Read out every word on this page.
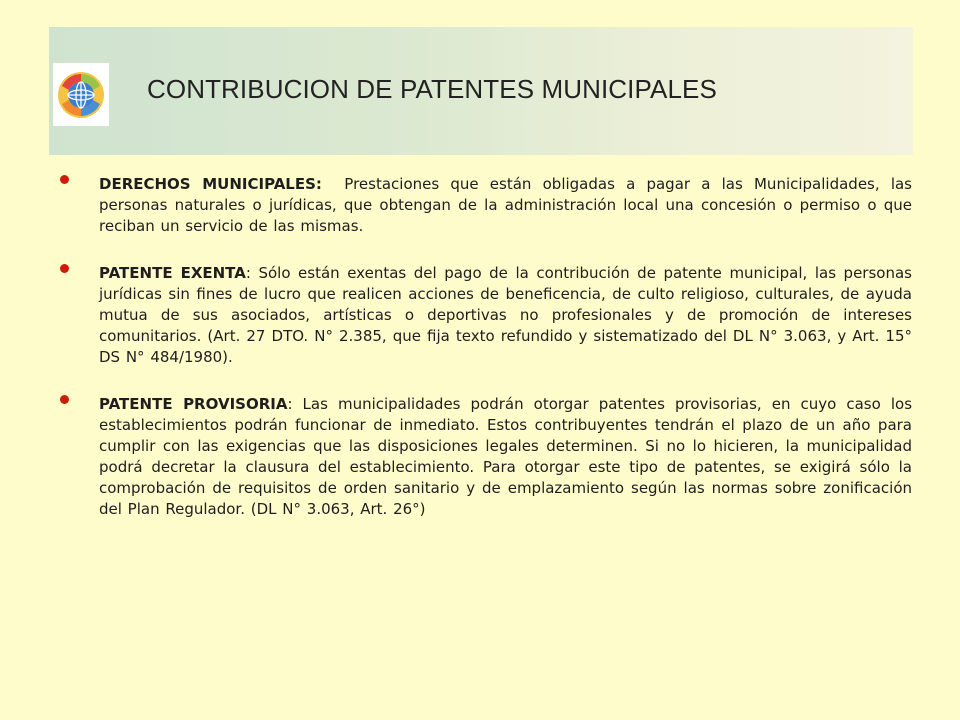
CONTRIBUCION DE PATENTES MUNICIPALES
DERECHOS MUNICIPALES:  Prestaciones que están obligadas a pagar a las Municipalidades, las personas naturales o jurídicas, que obtengan de la administración local una concesión o permiso o que reciban un servicio de las mismas.
PATENTE EXENTA: Sólo están exentas del pago de la contribución de patente municipal, las personas jurídicas sin fines de lucro que realicen acciones de beneficencia, de culto religioso, culturales, de ayuda mutua de sus asociados, artísticas o deportivas no profesionales y de promoción de intereses comunitarios. (Art. 27 DTO. N° 2.385, que fija texto refundido y sistematizado del DL N° 3.063, y Art. 15° DS N° 484/1980).
PATENTE PROVISORIA: Las municipalidades podrán otorgar patentes provisorias, en cuyo caso los establecimientos podrán funcionar de inmediato. Estos contribuyentes tendrán el plazo de un año para cumplir con las exigencias que las disposiciones legales determinen. Si no lo hicieren, la municipalidad podrá decretar la clausura del establecimiento. Para otorgar este tipo de patentes, se exigirá sólo la comprobación de requisitos de orden sanitario y de emplazamiento según las normas sobre zonificación del Plan Regulador. (DL N° 3.063, Art. 26°)
